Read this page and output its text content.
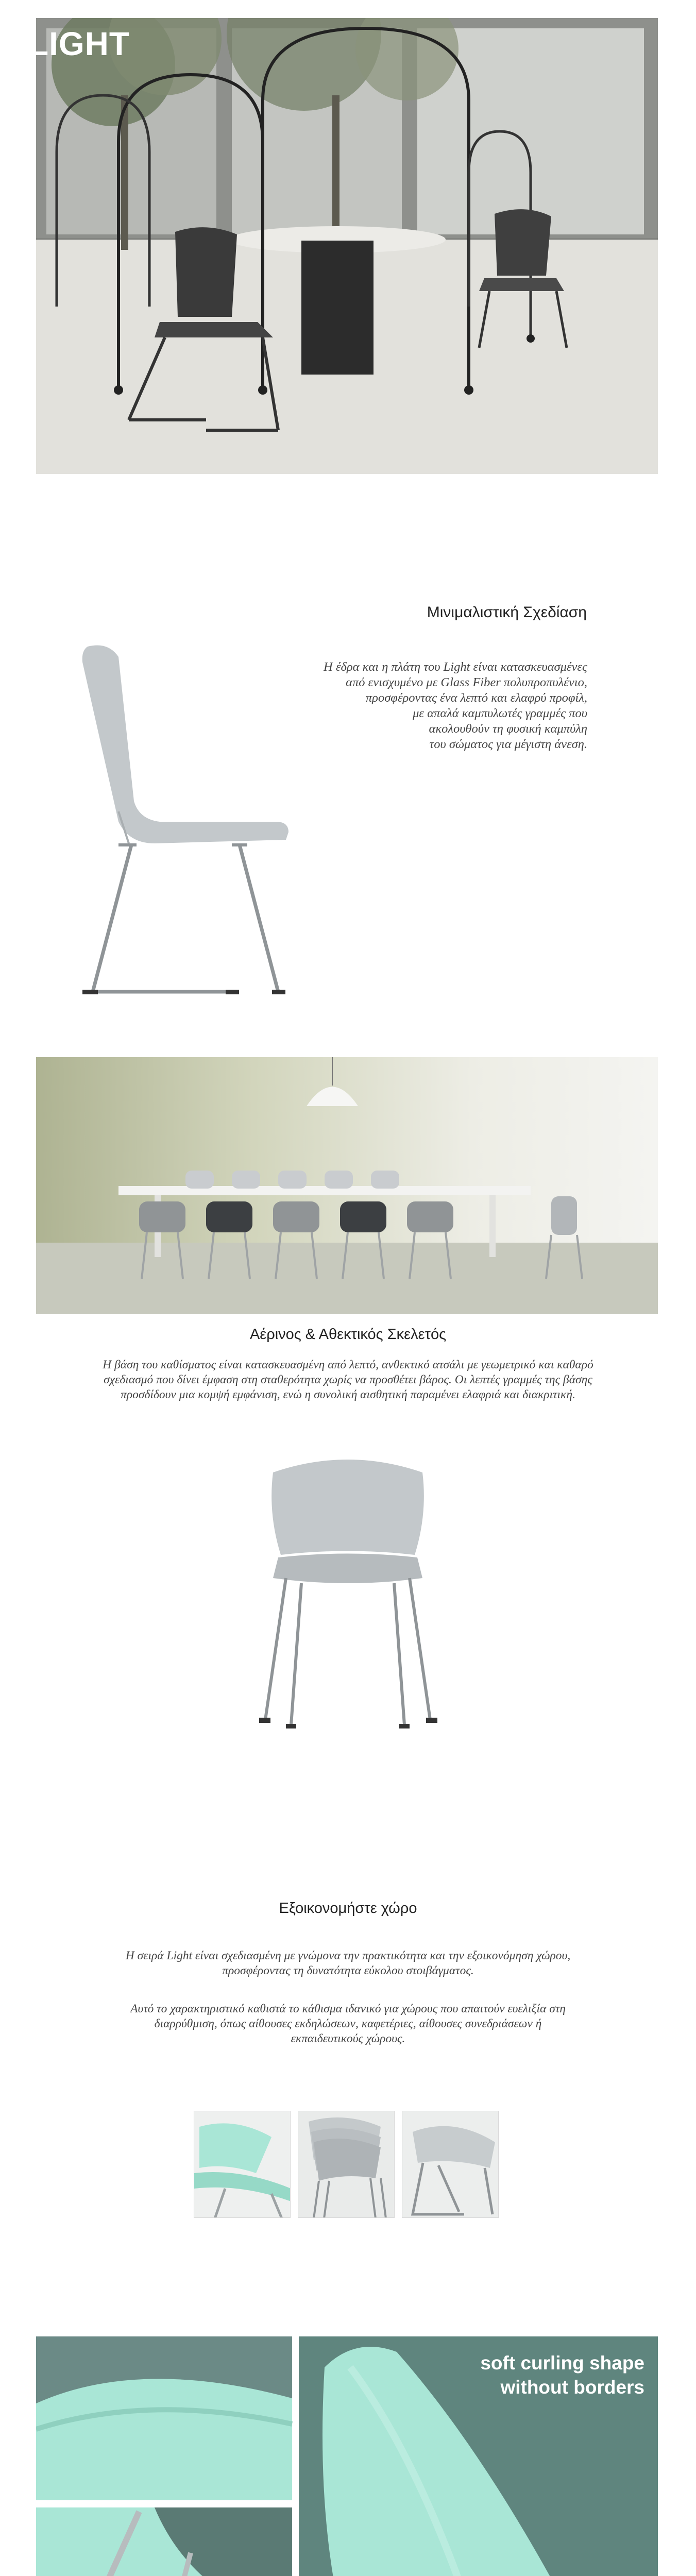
LIGHT
Μινιμαλιστική Σχεδίαση

Η έδρα και η πλάτη του Light είναι κατασκευασμένες

από ενισχυμένο με Glass Fiber πολυπροπυλένιο,

προσφέροντας ένα λεπτό και ελαφρύ προφίλ,

με απαλά καμπυλωτές γραμμές που

ακολουθούν τη φυσική καμπύλη

του σώματος για μέγιστη άνεση.

Αέρινος & Αθεκτικός Σκελετός
Η βάση του καθίσματος είναι κατασκευασμένη από λεπτό, ανθεκτικό ατσάλι με γεωμετρικό και καθαρό σχεδιασμό που δίνει έμφαση στη σταθερότητα χωρίς να προσθέτει βάρος. Οι λεπτές γραμμές της βάσης προσδίδουν μια κομψή εμφάνιση, ενώ η συνολική αισθητική παραμένει ελαφριά και διακριτική.
Εξοικονομήστε χώρο
Η σειρά Light είναι σχεδιασμένη με γνώμονα την πρακτικότητα και την εξοικονόμηση χώρου, προσφέροντας τη δυνατότητα εύκολου στοιβάγματος.
Αυτό το χαρακτηριστικό καθιστά το κάθισμα ιδανικό για χώρους που απαιτούν ευελιξία στη διαρρύθμιση, όπως αίθουσες εκδηλώσεων, καφετέριες, αίθουσες συνεδριάσεων ή εκπαιδευτικούς χώρους.
soft curling shape
without borders
